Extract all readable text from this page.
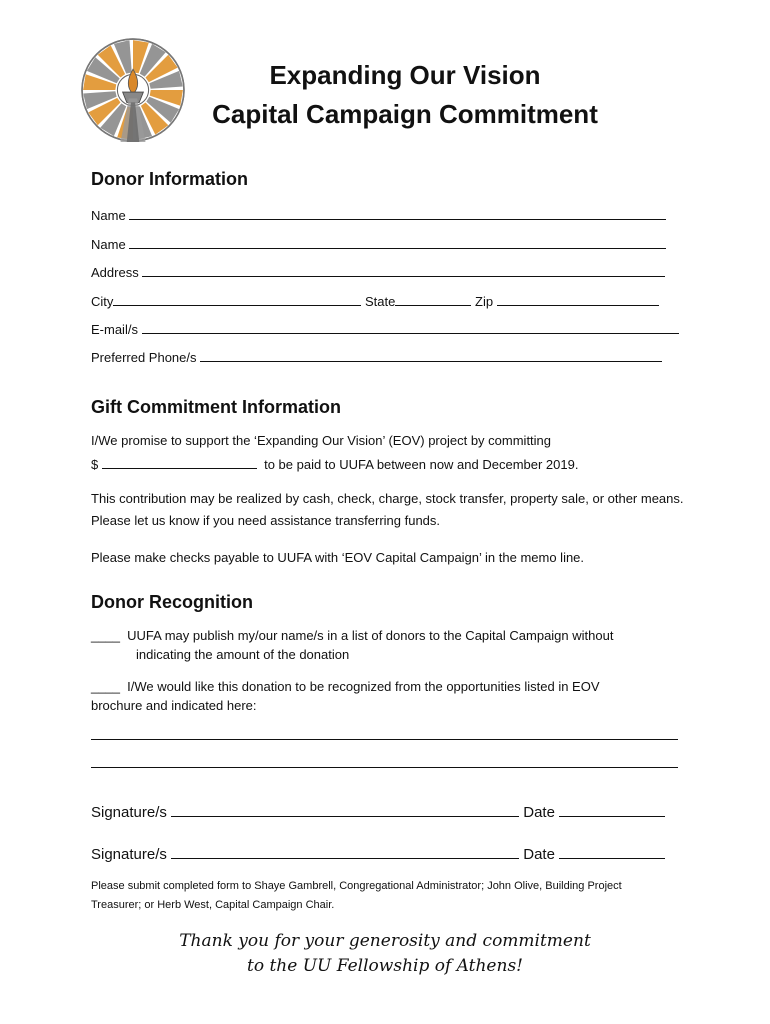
Expanding Our Vision
Capital Campaign Commitment
Donor Information
Name
Name
Address
City	State	Zip
E-mail/s
Preferred Phone/s
Gift Commitment Information
I/We promise to support the ‘Expanding Our Vision’ (EOV) project by committing
$	to be paid to UUFA between now and December 2019.
This contribution may be realized by cash, check, charge, stock transfer, property sale, or other means. Please let us know if you need assistance transferring funds.
Please make checks payable to UUFA with ‘EOV Capital Campaign’ in the memo line.
Donor Recognition
____ UUFA may publish my/our name/s in a list of donors to the Capital Campaign without
indicating the amount of the donation
____ I/We would like this donation to be recognized from the opportunities listed in EOV
brochure and indicated here:
Signature/s	Date
Signature/s	Date
Please submit completed form to Shaye Gambrell, Congregational Administrator; John Olive, Building Project Treasurer; or Herb West, Capital Campaign Chair.
Thank you for your generosity and commitment
to the UU Fellowship of Athens!
